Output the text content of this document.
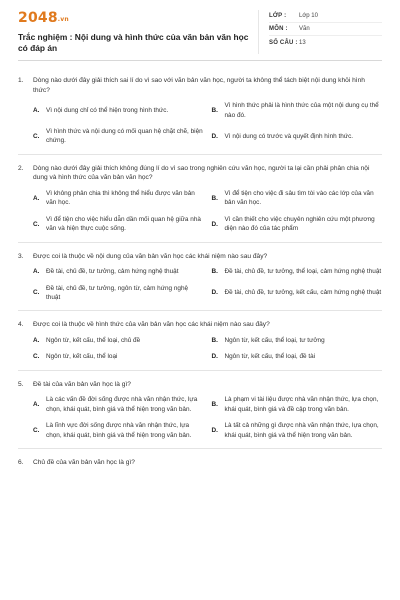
2048.vn
Trắc nghiệm : Nội dung và hình thức của văn bản văn học có đáp án
LỚP :	Lớp 10
MÔN :	Văn
SỐ CÂU : 13
1.	Dòng nào dưới đây giải thích sai lí do vì sao với văn bản văn học, người ta không thể tách biệt nội dung khỏi hình thức?
A.	Vì nội dung chỉ có thể hiện trong hình thức.	B.
Vì hình thức phải là hình thức của một nội dung cụ thể nào đó.
C.
Vì hình thức và nội dung có mối quan hệ chặt chẽ, biện chứng.
D.	Vì nội dung có trước và quyết định hình thức.
2.	Dòng nào dưới đây giải thích không đúng lí do vì sao trong nghiên cứu văn học, người ta lại cần phải phân chia nội dung và hình thức của văn bản văn học?
A.
Vì không phân chia thì không thể hiểu được văn bản văn học.
B.
Vì để tiện cho việc đi sâu tìm tòi vào các lớp của văn bản văn học.
C.
Vì để tiện cho việc hiểu dẫn dần mối quan hệ giữa nhà văn và hiện thực cuộc sống.
D.
Vì cần thiết cho việc chuyên nghiên cứu một phương diện nào đó của tác phẩm
3.	Được coi là thuộc về nội dung của văn bản văn học các khái niệm nào sau đây?
A.	Đề tài, chủ đề, tư tưởng, cảm hứng nghệ thuật	B.	Đề tài, chủ đề, tư tưởng, thể loại, cảm hứng nghệ thuật
C.
Đề tài, chủ đề, tư tưởng, ngôn từ, cảm hứng nghệ thuật
D.	Đề tài, chủ đề, tư tưởng, kết cấu, cảm hứng nghệ thuật
4.	Được coi là thuộc về hình thức của văn bản văn học các khái niệm nào sau đây?
A.	Ngôn từ, kết cấu, thể loại, chủ đề	B.	Ngôn từ, kết cấu, thể loại, tư tưởng
C.	Ngôn từ, kết cấu, thể loại	D.	Ngôn từ, kết cấu, thể loại, đề tài
5.	Đề tài của văn bản văn học là gì?
A.
Là các vấn đề đời sống được nhà văn nhận thức, lựa chọn, khái quát, bình giá và thể hiện trong văn bản.
B.
Là phạm vi tài liệu được nhà văn nhận thức, lựa chọn, khái quát, bình giá và đề cập trong văn bản.
C.
Là lĩnh vực đời sống được nhà văn nhận thức, lựa chọn, khái quát, bình giá và thể hiện trong văn bản.
D.
Là tất cả những gì được nhà văn nhận thức, lựa chọn, khái quát, bình giá và thể hiện trong văn bản.
6.	Chủ đề của văn bản văn học là gì?
